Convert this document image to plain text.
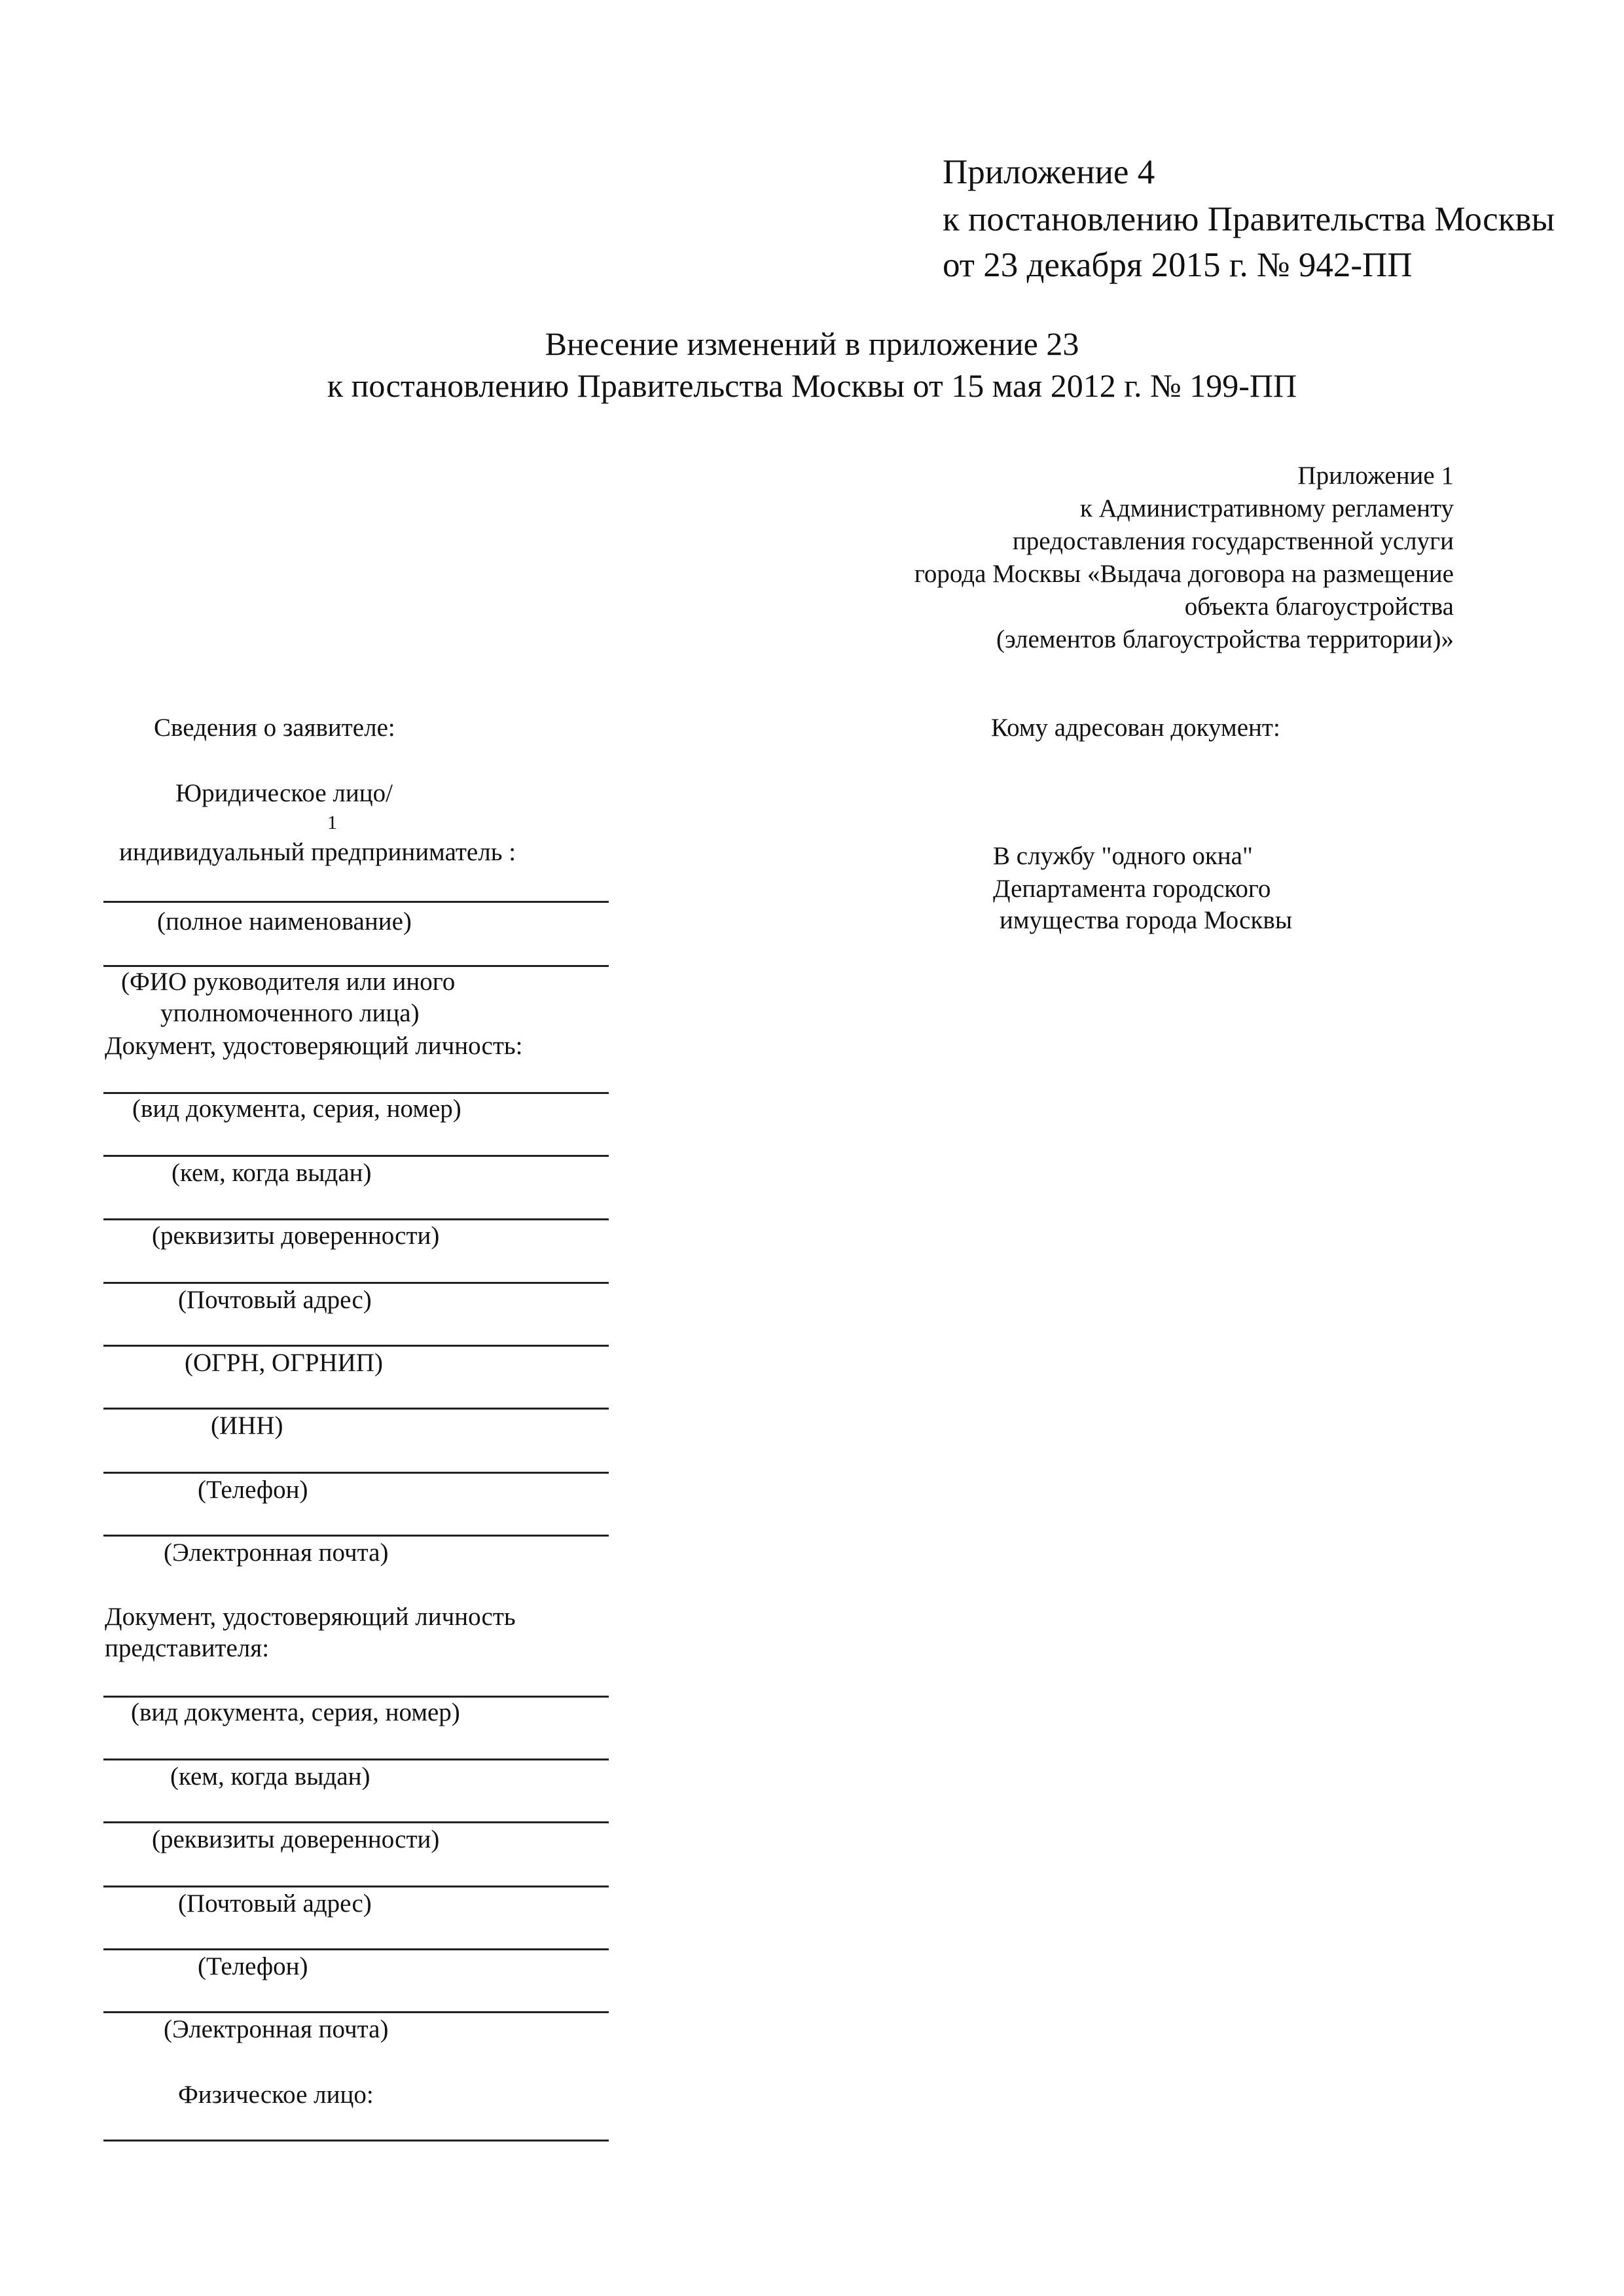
Приложение 4
к постановлению Правительства Москвы
от 23 декабря 2015 г. № 942-ПП
Внесение изменений в приложение 23
к постановлению Правительства Москвы от 15 мая 2012 г. № 199-ПП
Приложение 1
к Административному регламенту
предоставления государственной услуги
города Москвы «Выдача договора на размещение
объекта благоустройства
(элементов благоустройства территории)»
Сведения о заявителе:
Юридическое лицо/
1
индивидуальный предприниматель :
(полное наименование)
(ФИО руководителя или иного
уполномоченного лица)
Документ, удостоверяющий личность:
(вид документа, серия, номер)
(кем, когда выдан)
(реквизиты доверенности)
(Почтовый адрес)
(ОГРН, ОГРНИП)
(ИНН)
(Телефон)
(Электронная почта)
Документ, удостоверяющий личность
представителя:
(вид документа, серия, номер)
(кем, когда выдан)
(реквизиты доверенности)
(Почтовый адрес)
(Телефон)
(Электронная почта)
Физическое лицо:
Кому адресован документ:
В службу "одного окна"
Департамента городского
имущества города Москвы
